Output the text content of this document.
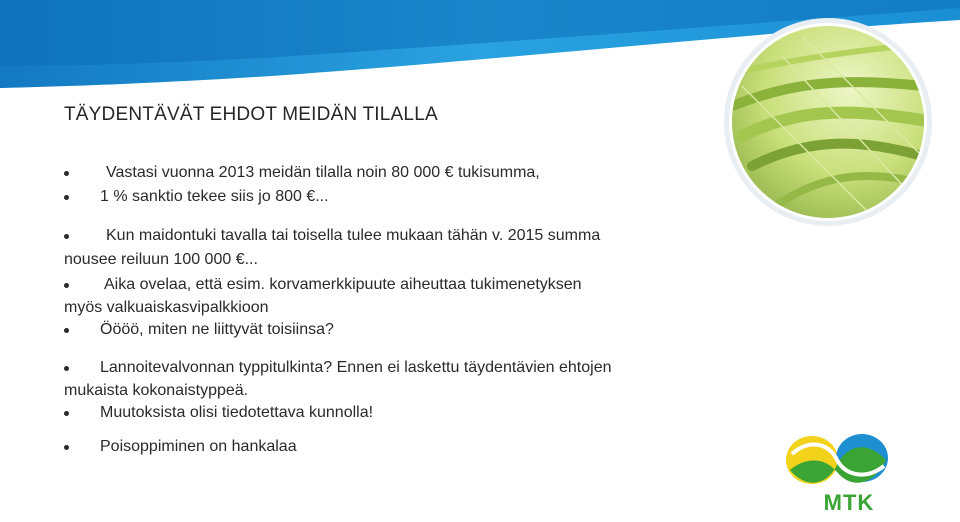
TÄYDENTÄVÄT EHDOT MEIDÄN TILALLA
Vastasi vuonna 2013 meidän tilalla noin 80 000 € tukisumma,
1 % sanktio tekee siis jo 800 €...
Kun maidontuki tavalla tai toisella tulee mukaan tähän v. 2015 summa
nousee reiluun 100 000 €...
Aika ovelaa, että esim. korvamerkkipuute aiheuttaa tukimenetyksen
myös valkuaiskasvipalkkioon
Öööö, miten ne liittyvät toisiinsa?
Lannoitevalvonnan typpitulkinta? Ennen ei laskettu täydentävien ehtojen
mukaista kokonaistyppeä.
Muutoksista olisi tiedotettava kunnolla!
Poisoppiminen on hankalaa
MTK
